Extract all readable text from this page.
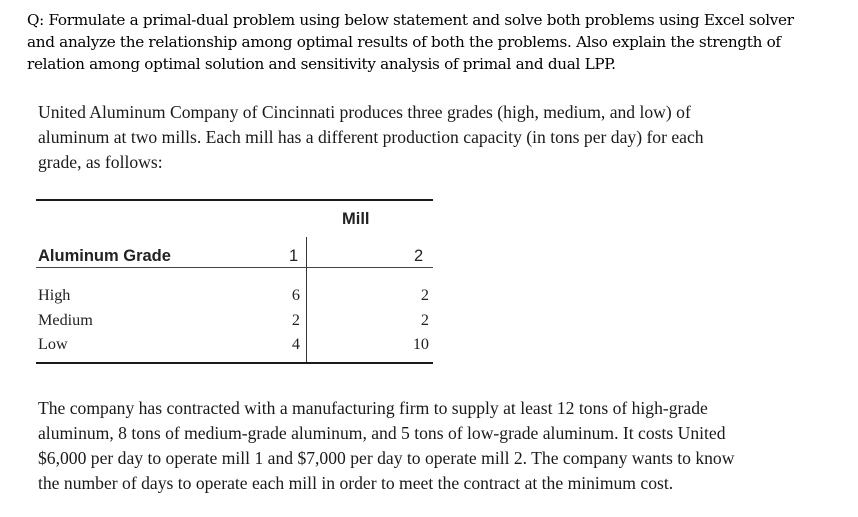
Q: Formulate a primal-dual problem using below statement and solve both problems using Excel solver

and analyze the relationship among optimal results of both the problems. Also explain the strength of

relation among optimal solution and sensitivity analysis of primal and dual LPP.

United Aluminum Company of Cincinnati produces three grades (high, medium, and low) of

aluminum at two mills. Each mill has a different production capacity (in tons per day) for each

grade, as follows:

Mill
Aluminum Grade	1	2
High	6	2
Medium	2	2
Low	4	10

The company has contracted with a manufacturing firm to supply at least 12 tons of high-grade

aluminum, 8 tons of medium-grade aluminum, and 5 tons of low-grade aluminum. It costs United

$6,000 per day to operate mill 1 and $7,000 per day to operate mill 2. The company wants to know

the number of days to operate each mill in order to meet the contract at the minimum cost.
